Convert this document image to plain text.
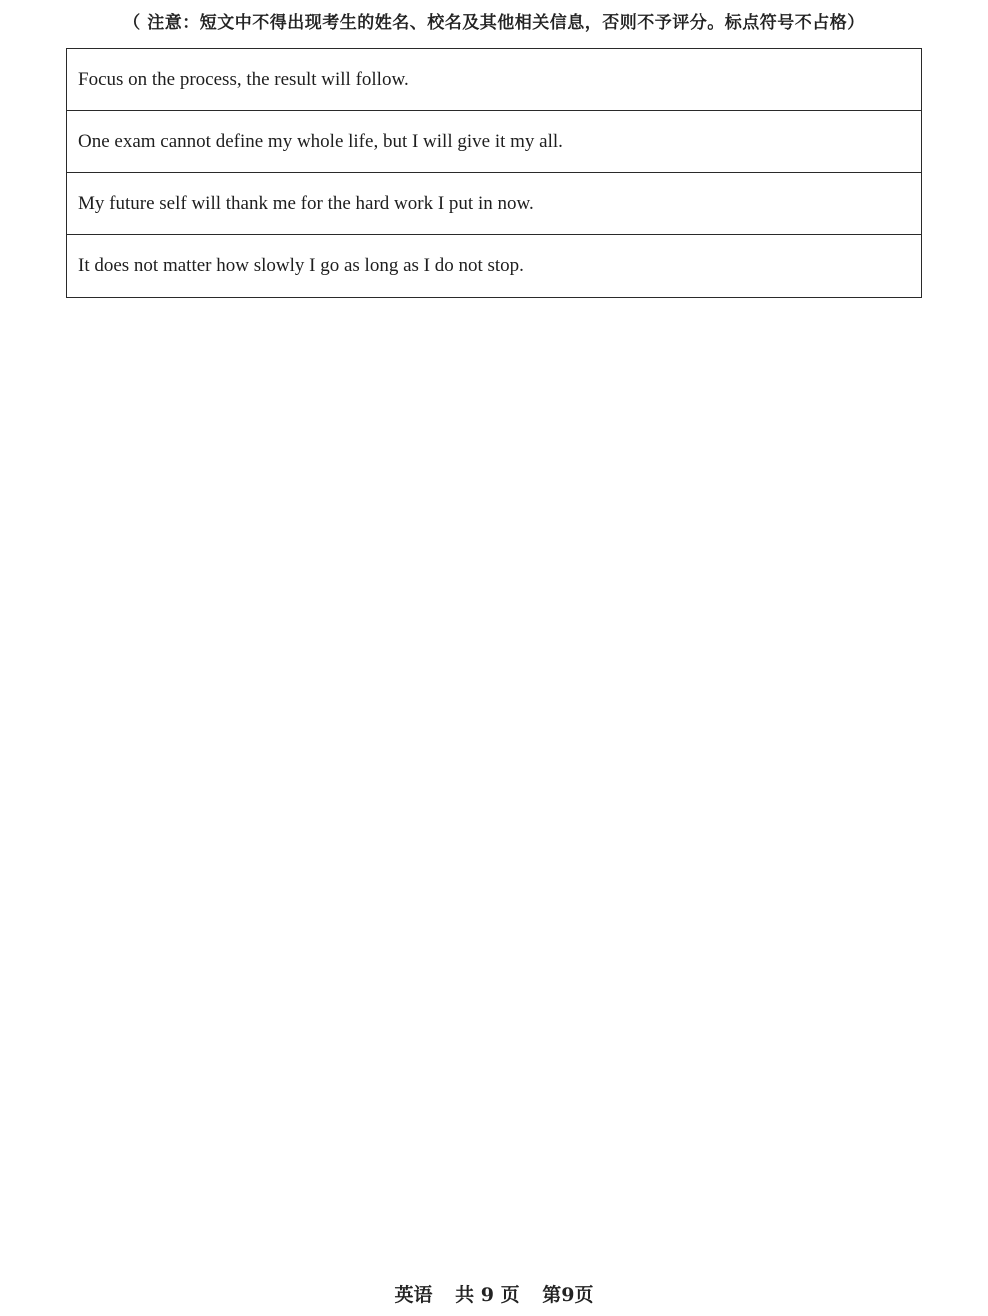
（ 注意：短文中不得出现考生的姓名、校名及其他相关信息，否则不予评分。标点符号不占格）
Focus on the process, the result will follow.
One exam cannot define my whole life, but I will give it my all.
My future self will thank me for the hard work I put in now.
It does not matter how slowly I go as long as I do not stop.
英语 共 9 页 第9页
